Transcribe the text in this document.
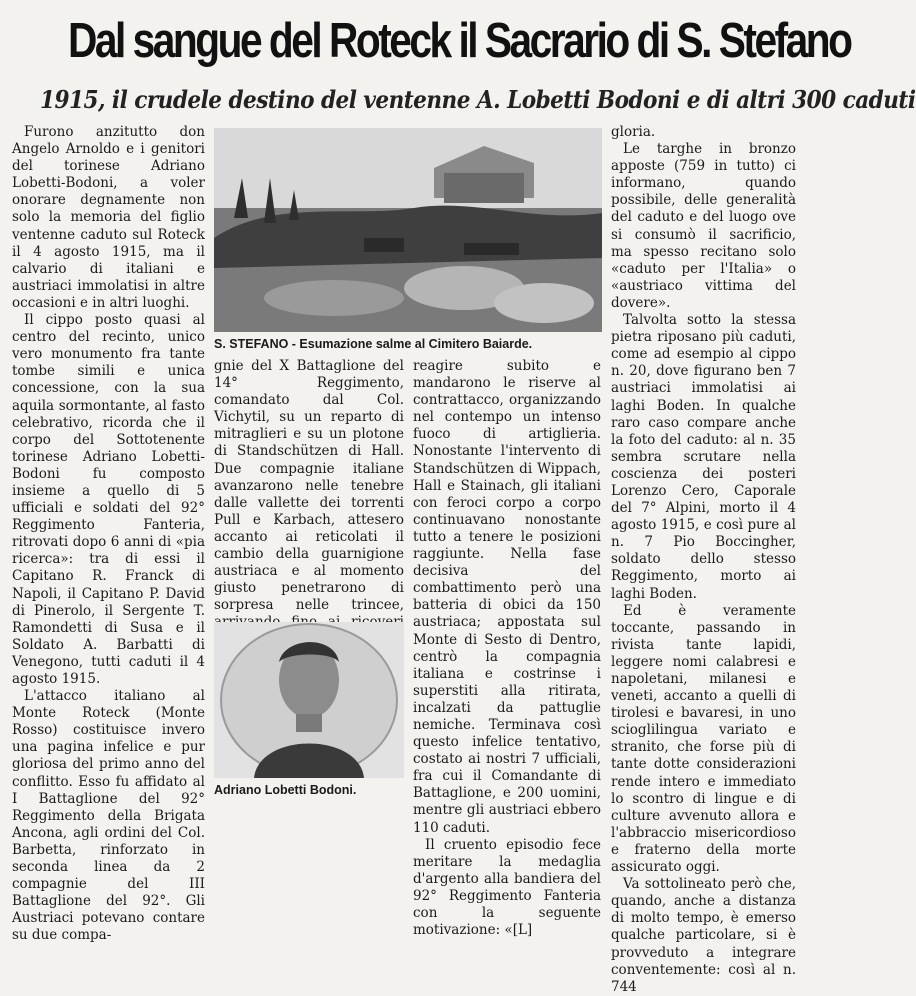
Dal sangue del Roteck il Sacrario di S. Stefano
1915, il crudele destino del ventenne A. Lobetti Bodoni e di altri 300 caduti

Furono anzitutto don Angelo Arnoldo e i genitori del torinese Adriano Lobetti-Bodoni, a voler onorare degnamente non solo la memoria del figlio ventenne caduto sul Roteck il 4 agosto 1915, ma il calvario di italiani e austriaci immolatisi in altre occasioni e in altri luoghi.

Il cippo posto quasi al centro del recinto, unico vero monumento fra tante tombe simili e unica concessione, con la sua aquila sormontante, al fasto celebrativo, ricorda che il corpo del Sottotenente torinese Adriano Lobetti-Bodoni fu composto insieme a quello di 5 ufficiali e soldati del 92° Reggimento Fanteria, ritrovati dopo 6 anni di «pia ricerca»: tra di essi il Capitano R. Franck di Napoli, il Capitano P. David di Pinerolo, il Sergente T. Ramondetti di Susa e il Soldato A. Barbatti di Venegono, tutti caduti il 4 agosto 1915.

L'attacco italiano al Monte Roteck (Monte Rosso) costituisce invero una pagina infelice e pur gloriosa del primo anno del conflitto. Esso fu affidato al I Battaglione del 92° Reggimento della Brigata Ancona, agli ordini del Col. Barbetta, rinforzato in seconda linea da 2 compagnie del III Battaglione del 92°. Gli Austriaci potevano contare su due compa-

S. STEFANO - Esumazione salme al Cimitero Baiarde.

gnie del X Battaglione del 14° Reggimento, comandato dal Col. Vichytil, su un reparto di mitraglieri e su un plotone di Standschützen di Hall. Due compagnie italiane avanzarono nelle tenebre dalle vallette dei torrenti Pull e Karbach, attesero accanto ai reticolati il cambio della guarnigione austriaca e al momento giusto penetrarono di sorpresa nelle trincee,

Adriano Lobetti Bodoni.

reagire subito e mandarono le riserve al contrattacco, organizzando nel contempo un intenso fuoco di artiglieria. Nonostante l'intervento di Standschützen di Wippach, Hall e Stainach, gli italiani con feroci corpo a corpo continuavano nonostante tutto a tenere le posizioni raggiunte. Nella fase decisiva del combattimento però una batteria di obici da 150 austriaca; appostata sul Monte di Sesto di Dentro, centrò la compagnia italiana e costrinse i superstiti alla ritirata, incalzati da pattuglie nemiche. Terminava così questo infelice tentativo, costato ai nostri 7 ufficiali, fra cui il Comandante di Battaglione, e 200 uomini, mentre gli austriaci ebbero 110 caduti.

Il cruento episodio fece meritare la medaglia d'argento alla bandiera del 92° Reggimento Fanteria con la seguente motivazione: «[L]

gloria.

Le targhe in bronzo apposte (759 in tutto) ci informano, quando possibile, delle generalità del caduto e del luogo ove si consumò il sacrificio, ma spesso recitano solo «caduto per l'Italia» o «austriaco vittima del dovere».

Talvolta sotto la stessa pietra riposano più caduti, come ad esempio al cippo n. 20, dove figurano ben 7 austriaci immolatisi ai laghi Boden. In qualche raro caso compare anche la foto del caduto: al n. 35 sembra scrutare nella coscienza dei posteri Lorenzo Cero, Caporale del 7° Alpini, morto il 4 agosto 1915, e così pure al n. 7 Pio Boccingher, soldato dello stesso Reggimento, morto ai laghi Boden.

Ed è veramente toccante, passando in rivista tante lapidi, leggere nomi calabresi e napoletani, milanesi e veneti, accanto a quelli di tirolesi e bavaresi, in uno scioglilingua variato e stranito, che forse più di tante dotte considerazioni rende intero e immediato lo scontro di lingue e di culture avvenuto allora e l'abbraccio misericordioso e fraterno della morte assicurato oggi.

Va sottolineato però che, quando, anche a distanza di molto tempo, è emerso qualche particolare, si è provveduto a integrare conventemente: così al n. 744
